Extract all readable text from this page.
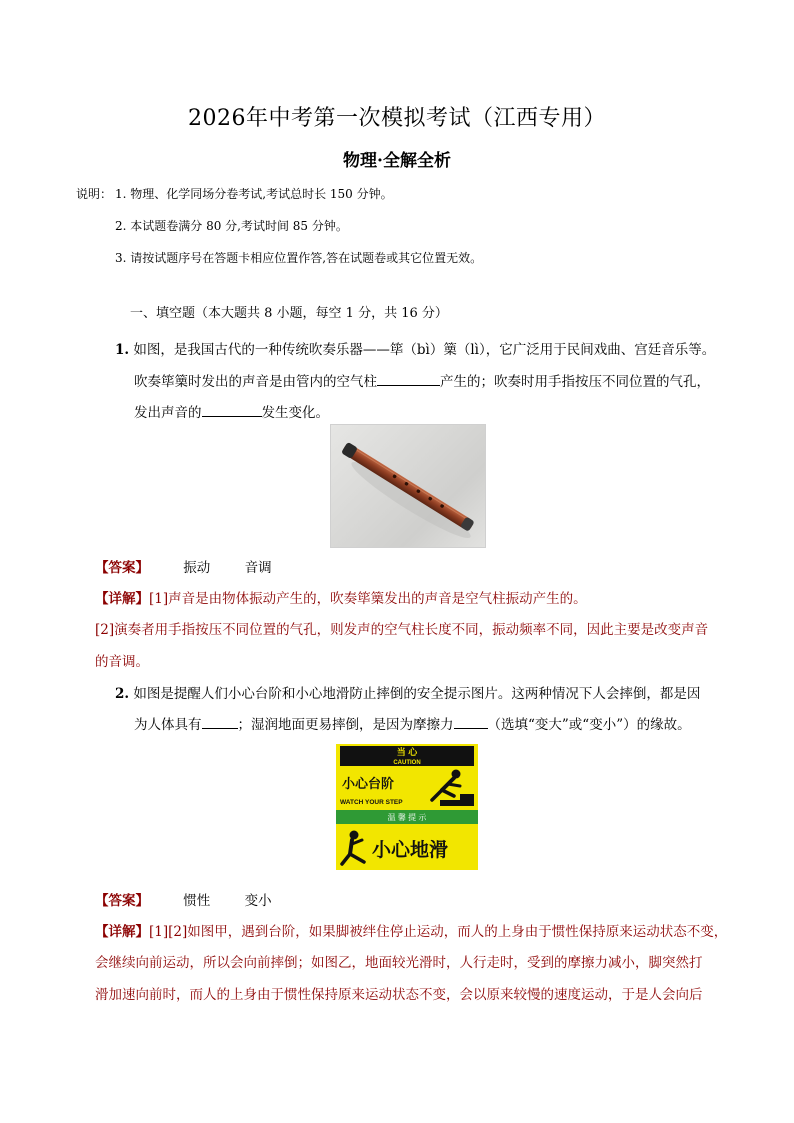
2026年中考第一次模拟考试（江西专用）
物理·全解全析
说明： 1. 物理、化学同场分卷考试,考试总时长 150 分钟。
2. 本试题卷满分 80 分,考试时间 85 分钟。
3. 请按试题序号在答题卡相应位置作答,答在试题卷或其它位置无效。
一、填空题（本大题共 8 小题，每空 1 分，共 16 分）
1. 如图，是我国古代的一种传统吹奏乐器——筚（bì）篥（lì），它广泛用于民间戏曲、宫廷音乐等。
吹奏筚篥时发出的声音是由管内的空气柱	产生的；吹奏时用手指按压不同位置的气孔，
发出声音的	发生变化。
【答案】	振动	音调
【详解】[1]声音是由物体振动产生的，吹奏筚篥发出的声音是空气柱振动产生的。
[2]演奏者用手指按压不同位置的气孔，则发声的空气柱长度不同，振动频率不同，因此主要是改变声音
的音调。
2. 如图是提醒人们小心台阶和小心地滑防止摔倒的安全提示图片。这两种情况下人会摔倒，都是因
为人体具有	；湿润地面更易摔倒，是因为摩擦力	（选填“变大”或“变小”）的缘故。
当 心
CAUTION
小心台阶
WATCH YOUR STEP
温 馨 提 示
小心地滑
【答案】	惯性	变小
【详解】[1][2]如图甲，遇到台阶，如果脚被绊住停止运动，而人的上身由于惯性保持原来运动状态不变，
会继续向前运动，所以会向前摔倒；如图乙，地面较光滑时，人行走时，受到的摩擦力减小，脚突然打
滑加速向前时，而人的上身由于惯性保持原来运动状态不变，会以原来较慢的速度运动，于是人会向后
